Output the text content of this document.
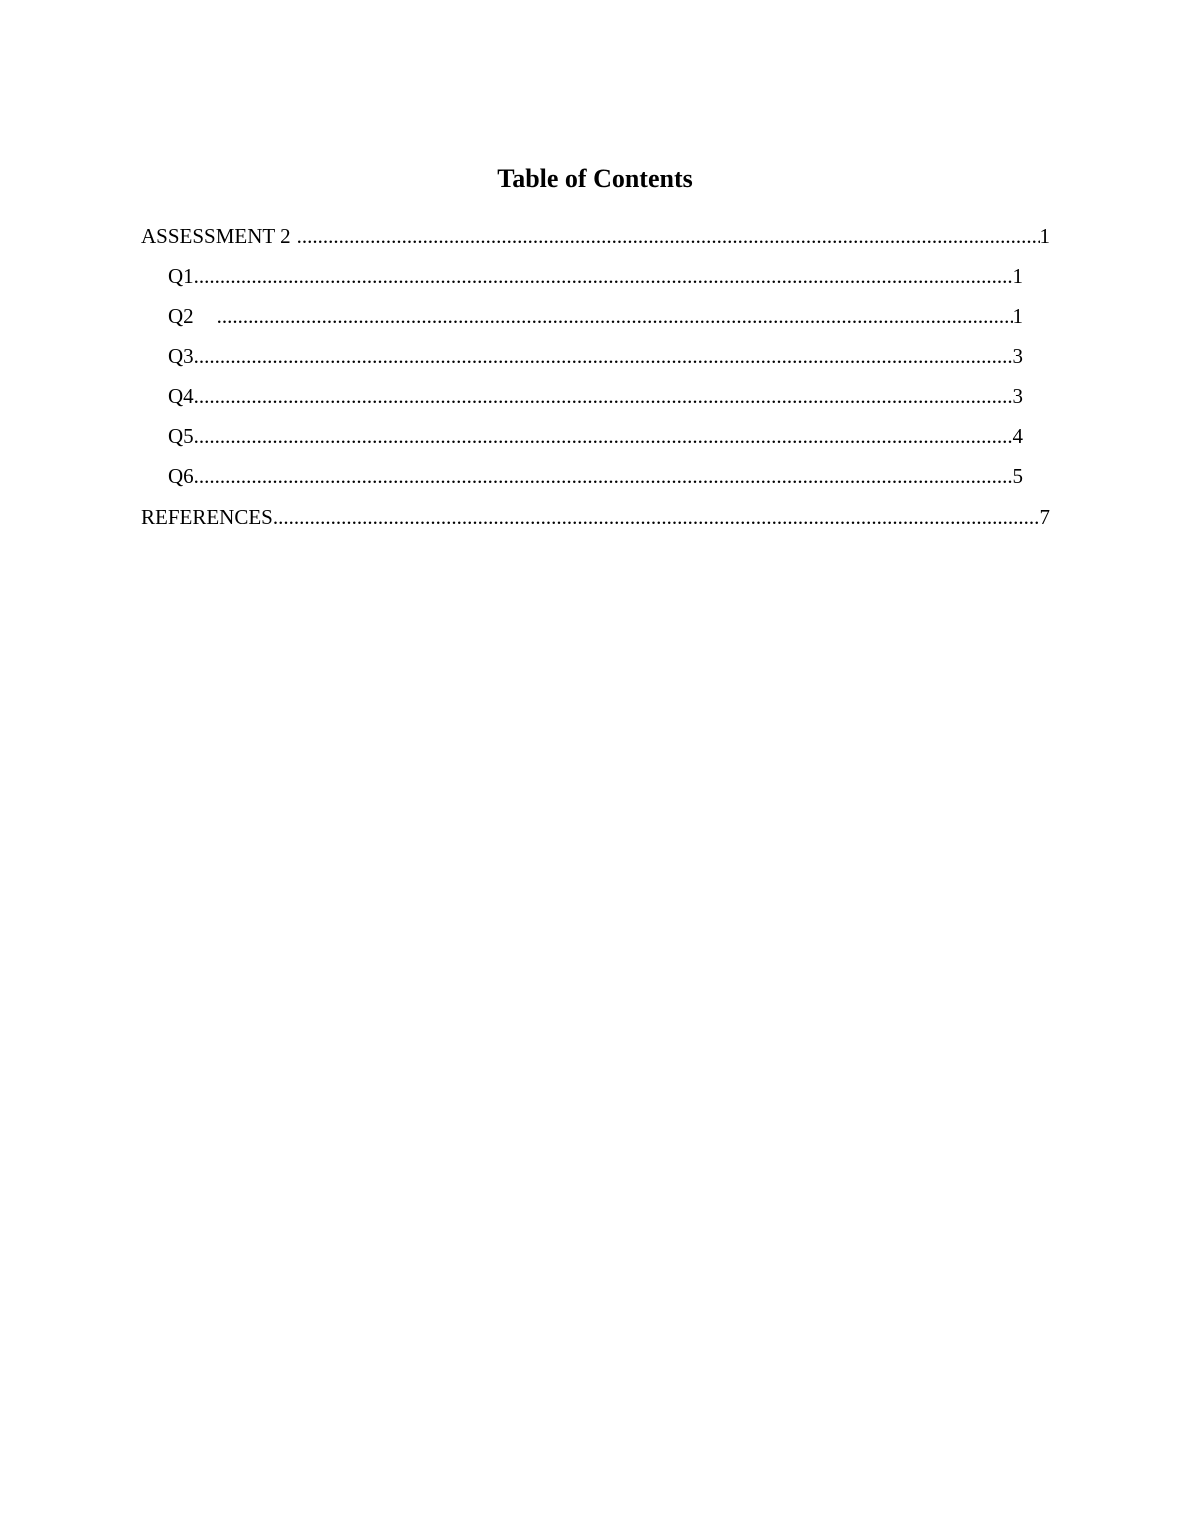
Table of Contents
ASSESSMENT 2 .....	1
Q1 .....	1
Q2 .....	1
Q3 .....	3
Q4 .....	3
Q5 .....	4
Q6 .....	5
REFERENCES .....	7
